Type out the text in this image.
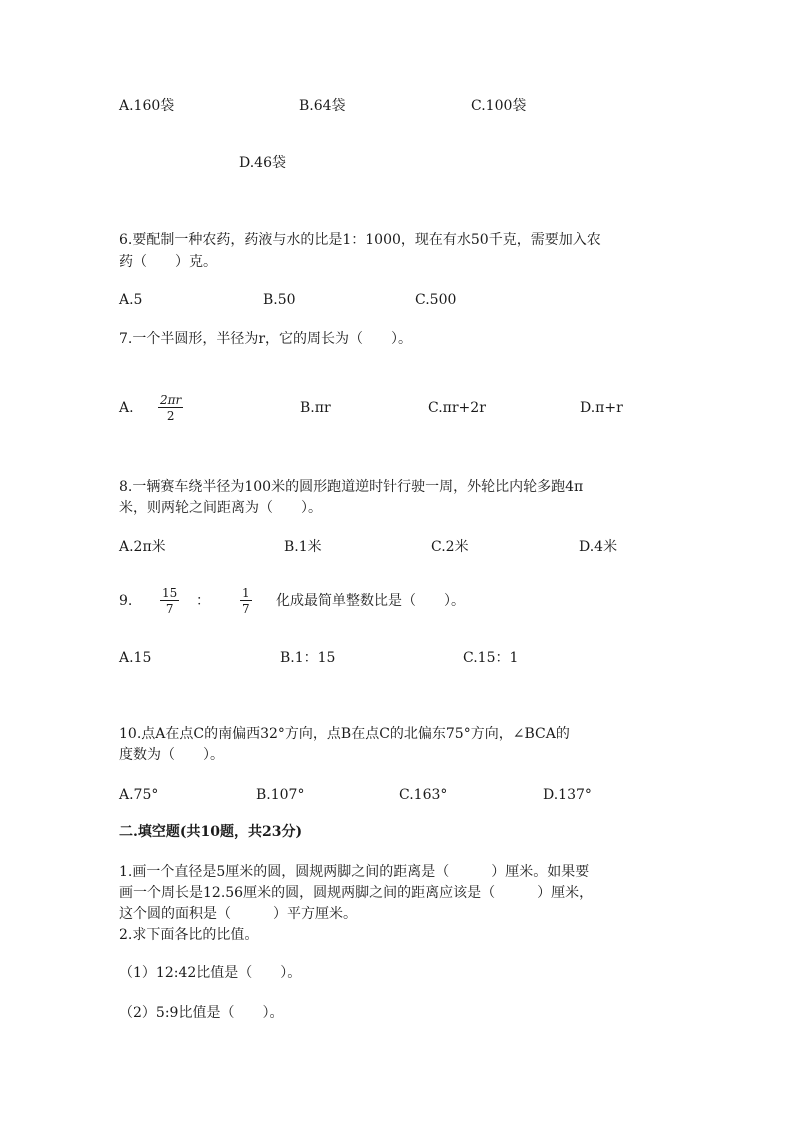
A.160袋	B.64袋	C.100袋
D.46袋
6.要配制一种农药，药液与水的比是1：1000，现在有水50千克，需要加入农
药（　　）克。
A.5	B.50	C.500
7.一个半圆形，半径为r，它的周长为（　　）。
A. $\frac{2\pi r}{2}$	B.πr	C.πr+2r	D.π+r
8.一辆赛车绕半径为100米的圆形跑道逆时针行驶一周，外轮比内轮多跑4π
米，则两轮之间距离为（　　）。
A.2π米	B.1米	C.2米	D.4米
9. $\frac{15}{7}$ ：	$\frac{1}{7}$ 化成最简单整数比是（　　）。
A.15	B.1：15	C.15：1
10.点A在点C的南偏西32°方向，点B在点C的北偏东75°方向，∠BCA的
度数为（　　）。
A.75°	B.107°	C.163°	D.137°
二.填空题(共10题，共23分)
1.画一个直径是5厘米的圆，圆规两脚之间的距离是（　　　）厘米。如果要
画一个周长是12.56厘米的圆，圆规两脚之间的距离应该是（　　　）厘米，
这个圆的面积是（　　　）平方厘米。
2.求下面各比的比值。
（1）12:42比值是（　　）。
（2）5:9比值是（　　）。
